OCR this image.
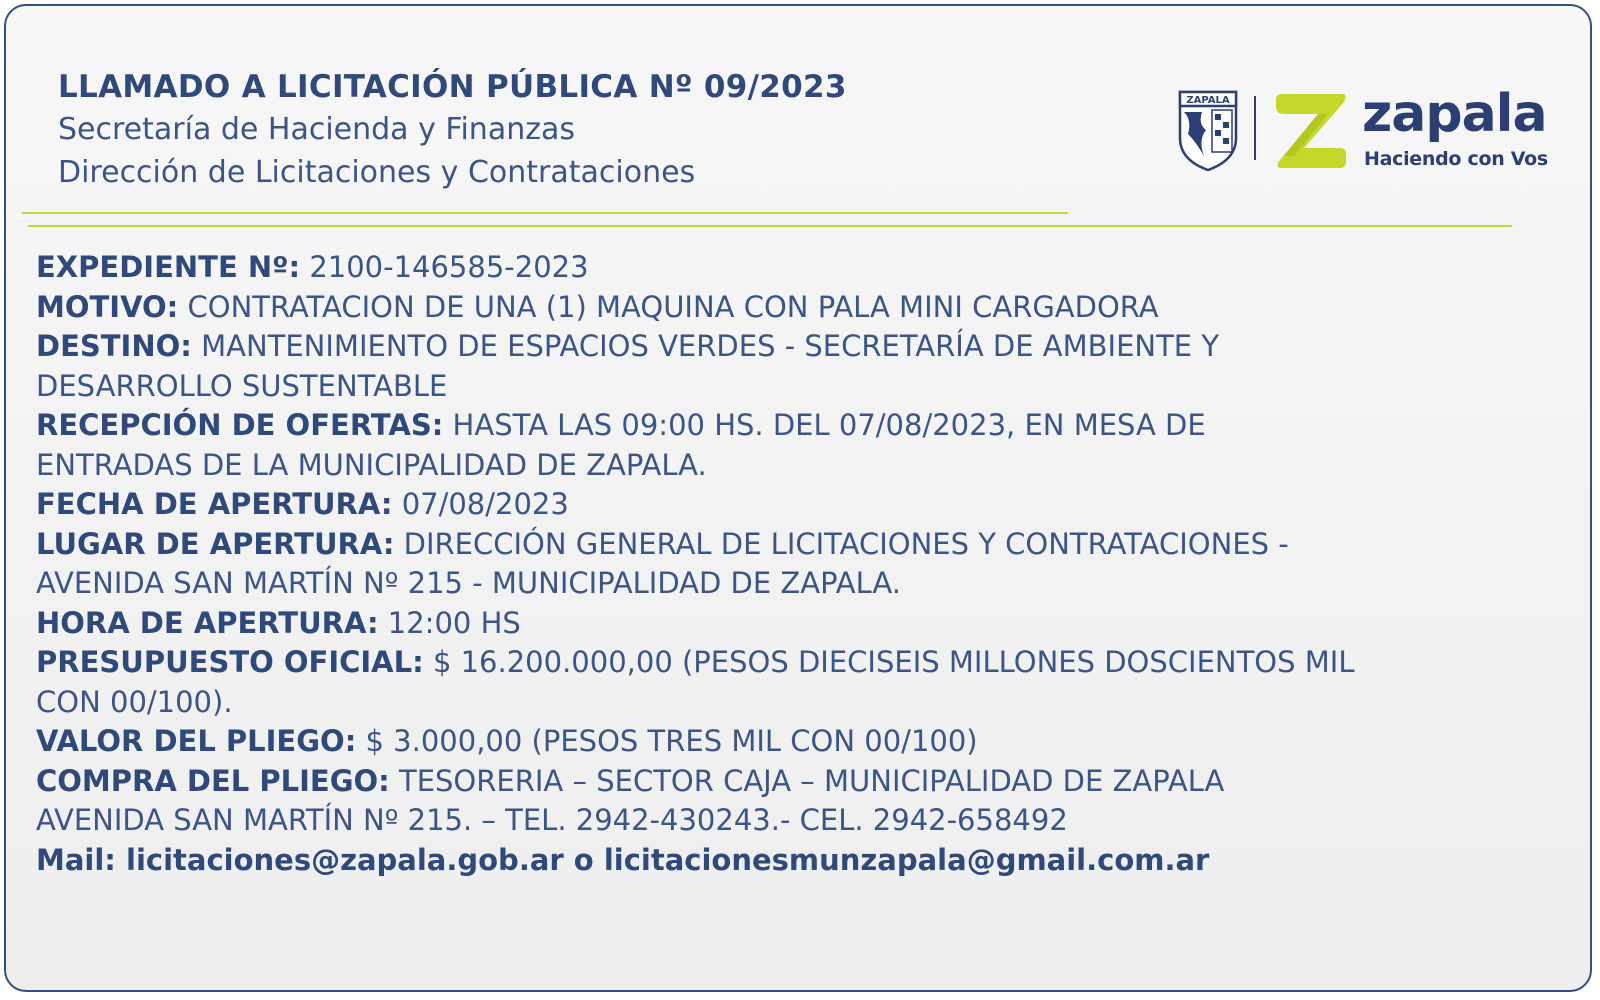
LLAMADO A LICITACIÓN PÚBLICA Nº 09/2023
Secretaría de Hacienda y Finanzas
Dirección de Licitaciones y Contrataciones
ZAPALA	zapala
Haciendo con Vos
EXPEDIENTE Nº: 2100-146585-2023
MOTIVO: CONTRATACION DE UNA (1) MAQUINA CON PALA MINI CARGADORA
DESTINO: MANTENIMIENTO DE ESPACIOS VERDES - SECRETARÍA DE AMBIENTE Y
DESARROLLO SUSTENTABLE
RECEPCIÓN DE OFERTAS: HASTA LAS 09:00 HS. DEL 07/08/2023, EN MESA DE
ENTRADAS DE LA MUNICIPALIDAD DE ZAPALA.
FECHA DE APERTURA: 07/08/2023
LUGAR DE APERTURA: DIRECCIÓN GENERAL DE LICITACIONES Y CONTRATACIONES -
AVENIDA SAN MARTÍN Nº 215 - MUNICIPALIDAD DE ZAPALA.
HORA DE APERTURA: 12:00 HS
PRESUPUESTO OFICIAL: $ 16.200.000,00 (PESOS DIECISEIS MILLONES DOSCIENTOS MIL
CON 00/100).
VALOR DEL PLIEGO: $ 3.000,00 (PESOS TRES MIL CON 00/100)
COMPRA DEL PLIEGO: TESORERIA – SECTOR CAJA – MUNICIPALIDAD DE ZAPALA
AVENIDA SAN MARTÍN Nº 215. – TEL. 2942-430243.- CEL. 2942-658492
Mail: licitaciones@zapala.gob.ar o licitacionesmunzapala@gmail.com.ar
